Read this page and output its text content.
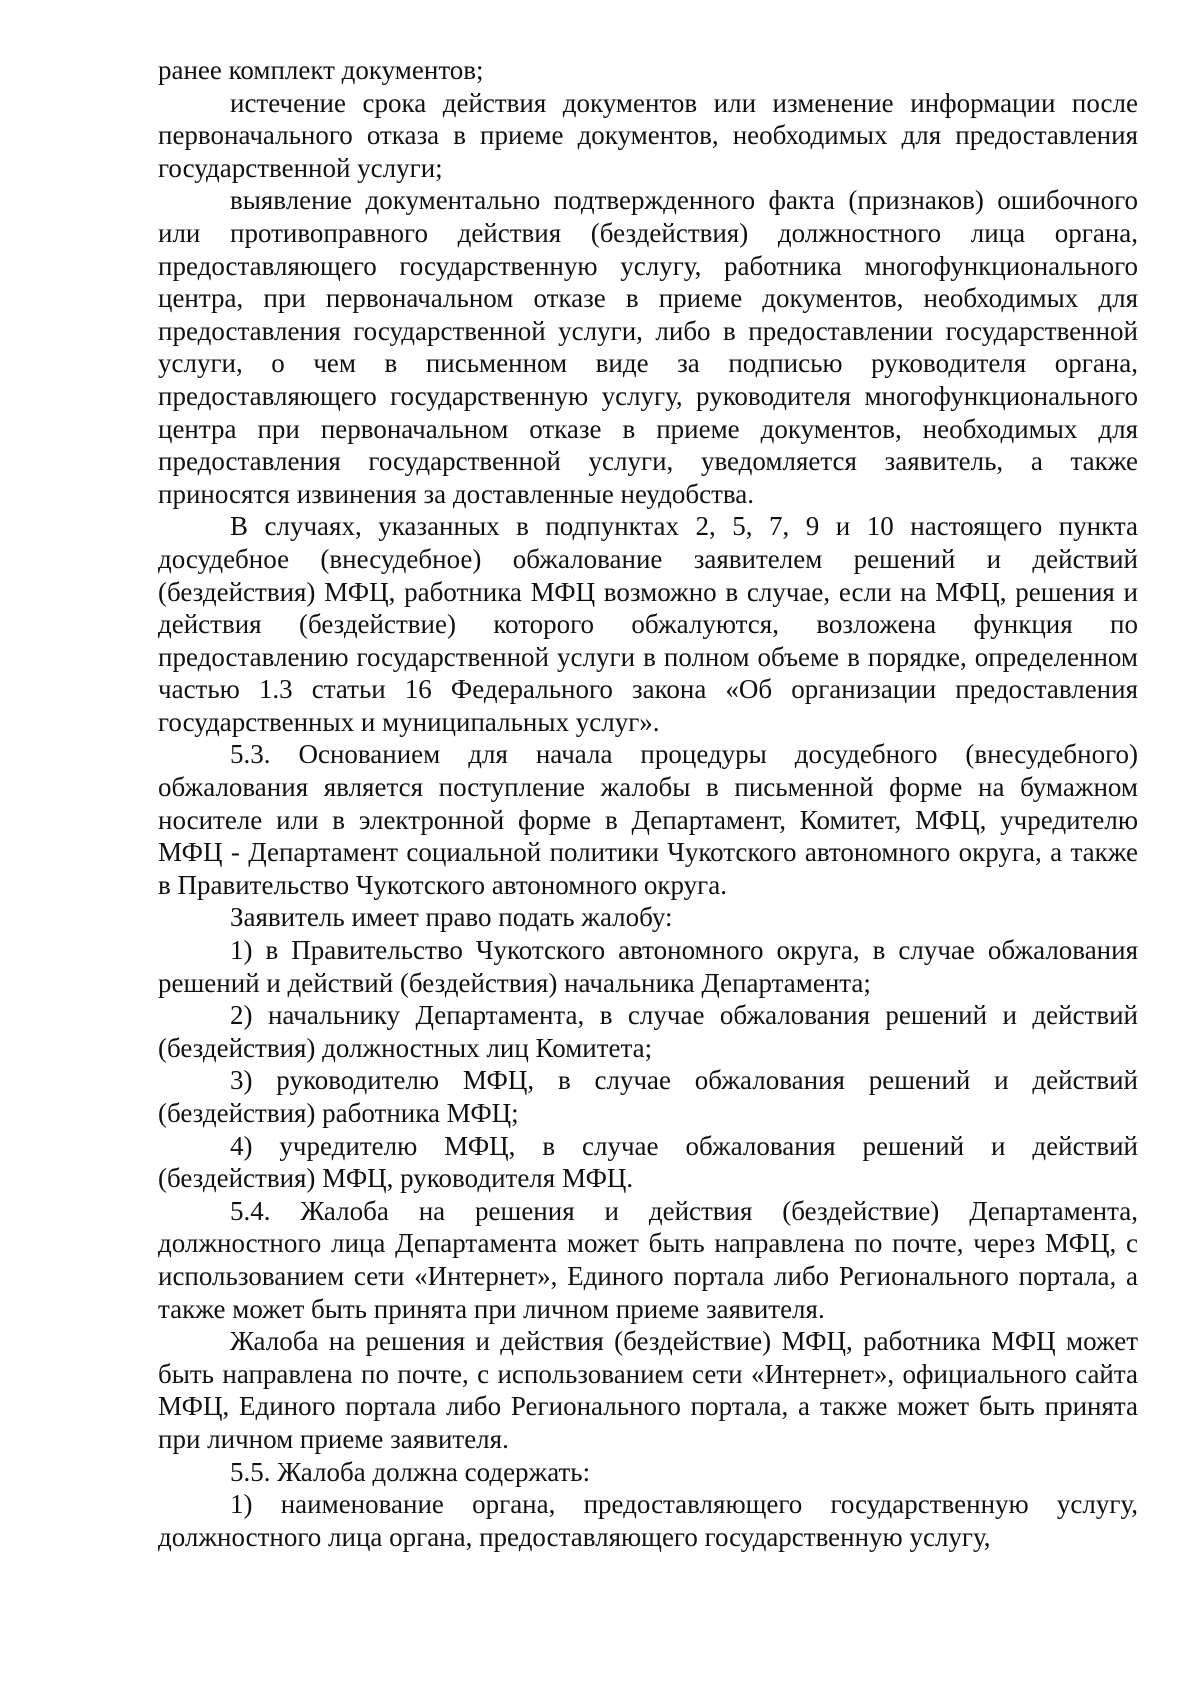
ранее комплект документов;

истечение срока действия документов или изменение информации после первоначального отказа в приеме документов, необходимых для предоставления государственной услуги;

выявление документально подтвержденного факта (признаков) ошибочного или противоправного действия (бездействия) должностного лица органа, предоставляющего государственную услугу, работника многофункционального центра, при первоначальном отказе в приеме документов, необходимых для предоставления государственной услуги, либо в предоставлении государственной услуги, о чем в письменном виде за подписью руководителя органа, предоставляющего государственную услугу, руководителя многофункционального центра при первоначальном отказе в приеме документов, необходимых для предоставления государственной услуги, уведомляется заявитель, а также приносятся извинения за доставленные неудобства.

В случаях, указанных в подпунктах 2, 5, 7, 9 и 10 настоящего пункта досудебное (внесудебное) обжалование заявителем решений и действий (бездействия) МФЦ, работника МФЦ возможно в случае, если на МФЦ, решения и действия (бездействие) которого обжалуются, возложена функция по предоставлению государственной услуги в полном объеме в порядке, определенном частью 1.3 статьи 16 Федерального закона «Об организации предоставления государственных и муниципальных услуг».

5.3. Основанием для начала процедуры досудебного (внесудебного) обжалования является поступление жалобы в письменной форме на бумажном носителе или в электронной форме в Департамент, Комитет, МФЦ, учредителю МФЦ - Департамент социальной политики Чукотского автономного округа, а также в Правительство Чукотского автономного округа.

Заявитель имеет право подать жалобу:

1) в Правительство Чукотского автономного округа, в случае обжалования решений и действий (бездействия) начальника Департамента;

2) начальнику Департамента, в случае обжалования решений и действий (бездействия) должностных лиц Комитета;

3) руководителю МФЦ, в случае обжалования решений и действий (бездействия) работника МФЦ;

4) учредителю МФЦ, в случае обжалования решений и действий (бездействия) МФЦ, руководителя МФЦ.

5.4. Жалоба на решения и действия (бездействие) Департамента, должностного лица Департамента может быть направлена по почте, через МФЦ, с использованием сети «Интернет», Единого портала либо Регионального портала, а также может быть принята при личном приеме заявителя.

Жалоба на решения и действия (бездействие) МФЦ, работника МФЦ может быть направлена по почте, с использованием сети «Интернет», официального сайта МФЦ, Единого портала либо Регионального портала, а также может быть принята при личном приеме заявителя.

5.5. Жалоба должна содержать:

1) наименование органа, предоставляющего государственную услугу, должностного лица органа, предоставляющего государственную услугу,
